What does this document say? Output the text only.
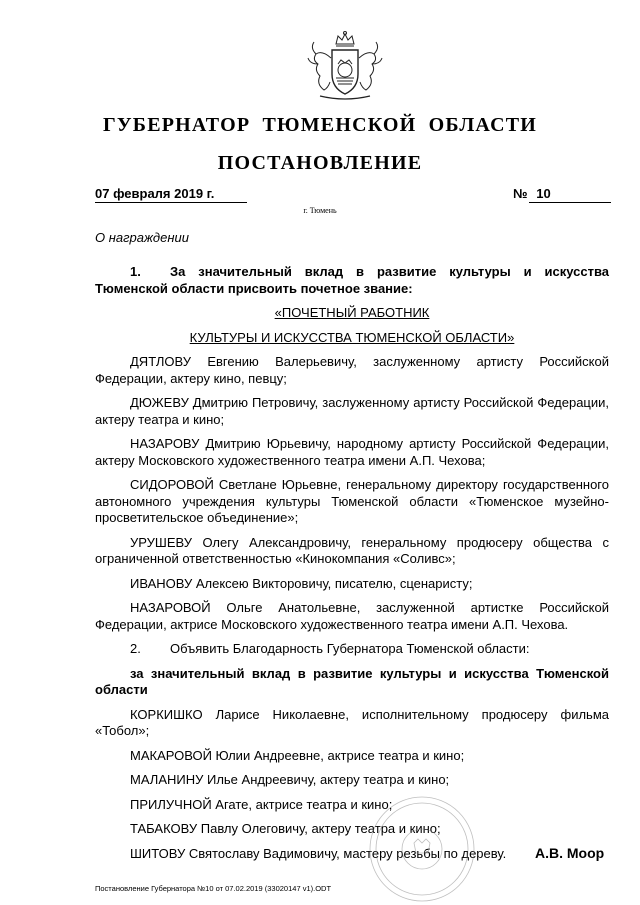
ГУБЕРНАТОР ТЮМЕНСКОЙ ОБЛАСТИ
ПОСТАНОВЛЕНИЕ
07 февраля 2019 г.	№ 10
г. Тюмень
О награждении

1. За значительный вклад в развитие культуры и искусства Тюменской области присвоить почетное звание:

«ПОЧЕТНЫЙ РАБОТНИК

КУЛЬТУРЫ И ИСКУССТВА ТЮМЕНСКОЙ ОБЛАСТИ»

ДЯТЛОВУ Евгению Валерьевичу, заслуженному артисту Российской Федерации, актеру кино, певцу;

ДЮЖЕВУ Дмитрию Петровичу, заслуженному артисту Российской Федерации, актеру театра и кино;

НАЗАРОВУ Дмитрию Юрьевичу, народному артисту Российской Федерации, актеру Московского художественного театра имени А.П. Чехова;

СИДОРОВОЙ Светлане Юрьевне, генеральному директору государственного автономного учреждения культуры Тюменской области «Тюменское музейно-просветительское объединение»;

УРУШЕВУ Олегу Александровичу, генеральному продюсеру общества с ограниченной ответственностью «Кинокомпания «Соливс»;

ИВАНОВУ Алексею Викторовичу, писателю, сценаристу;

НАЗАРОВОЙ Ольге Анатольевне, заслуженной артистке Российской Федерации, актрисе Московского художественного театра имени А.П. Чехова.

2. Объявить Благодарность Губернатора Тюменской области:

за значительный вклад в развитие культуры и искусства Тюменской области

КОРКИШКО Ларисе Николаевне, исполнительному продюсеру фильма «Тобол»;

МАКАРОВОЙ Юлии Андреевне, актрисе театра и кино;

МАЛАНИНУ Илье Андреевичу, актеру театра и кино;

ПРИЛУЧНОЙ Агате, актрисе театра и кино;

ТАБАКОВУ Павлу Олеговичу, актеру театра и кино;

ШИТОВУ Святославу Вадимовичу, мастеру резьбы по дереву.	А.В. Моор
Постановление Губернатора №10 от 07.02.2019 (33020147 v1).ODT
